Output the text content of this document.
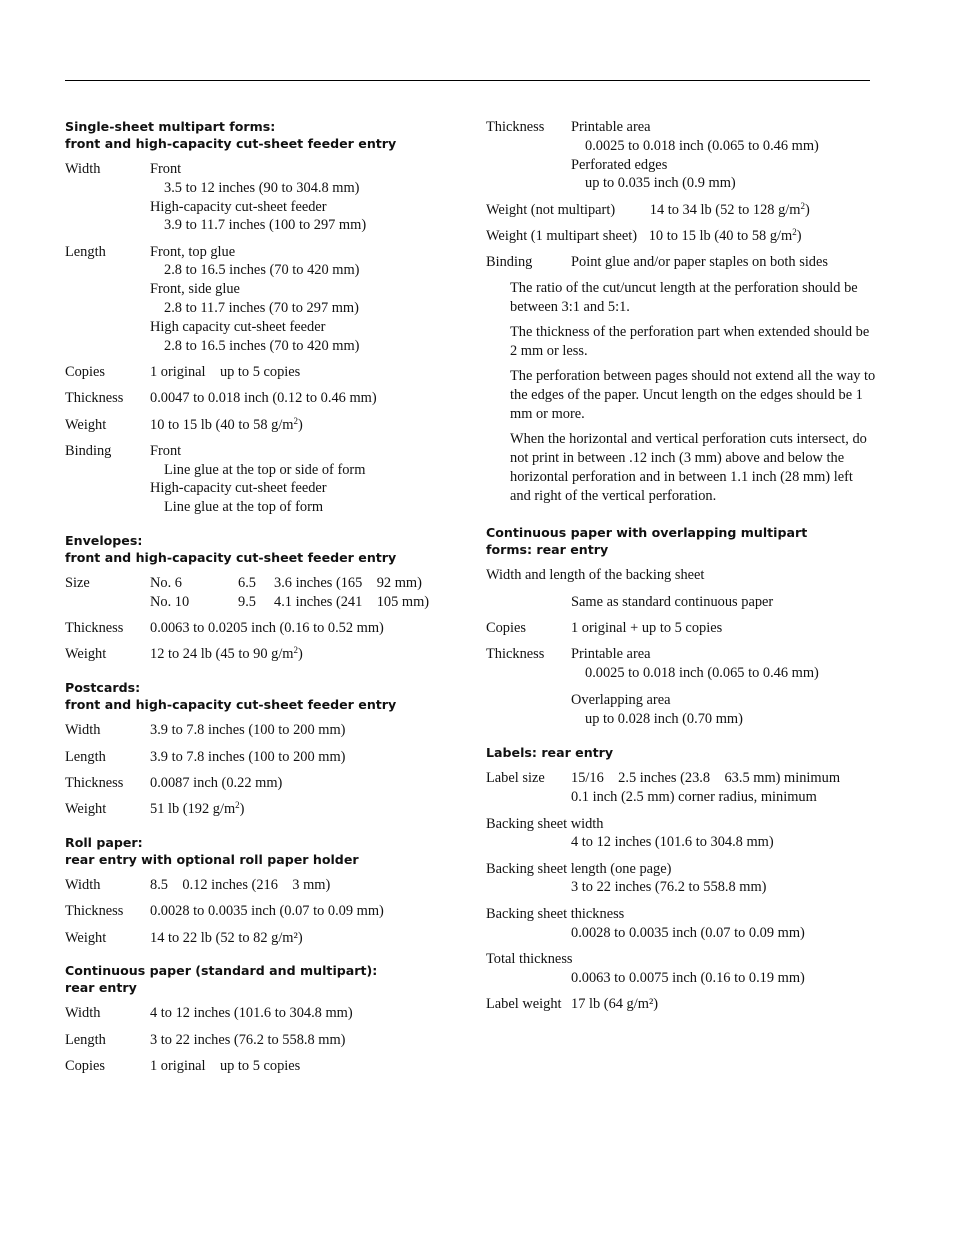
Single-sheet multipart forms:
front and high-capacity cut-sheet feeder entry
Width	Front
3.5 to 12 inches (90 to 304.8 mm)
High-capacity cut-sheet feeder
3.9 to 11.7 inches (100 to 297 mm)
Length	Front, top glue
2.8 to 16.5 inches (70 to 420 mm)
Front, side glue
2.8 to 11.7 inches (70 to 297 mm)
High capacity cut-sheet feeder
2.8 to 16.5 inches (70 to 420 mm)
Copies	1 original    up to 5 copies
Thickness 0.0047 to 0.018 inch (0.12 to 0.46 mm)
Weight	10 to 15 lb (40 to 58 $g/m^2$)
Binding	Front
Line glue at the top or side of form
High-capacity cut-sheet feeder
Line glue at the top of form
Envelopes:
front and high-capacity cut-sheet feeder entry
Size	No. 6	6.5	3.6 inches (165    92 mm)
No. 10	9.5	4.1 inches (241    105 mm)
Thickness 0.0063 to 0.0205 inch (0.16 to 0.52 mm)
Weight	12 to 24 lb (45 to 90 $g/m^2$)
Postcards:
front and high-capacity cut-sheet feeder entry
Width	3.9 to 7.8 inches (100 to 200 mm)
Length	3.9 to 7.8 inches (100 to 200 mm)
Thickness 0.0087 inch (0.22 mm)
Weight	51 lb (192 $g/m^2$)
Roll paper:
rear entry with optional roll paper holder
Width	8.5    0.12 inches (216    3 mm)
Thickness 0.0028 to 0.0035 inch (0.07 to 0.09 mm)
Weight	14 to 22 lb (52 to 82 g/m²)
Continuous paper (standard and multipart):
rear entry
Width	4 to 12 inches (101.6 to 304.8 mm)
Length	3 to 22 inches (76.2 to 558.8 mm)
Copies	1 original    up to 5 copies
Thickness Printable area
0.0025 to 0.018 inch (0.065 to 0.46 mm)
Perforated edges
up to 0.035 inch (0.9 mm)
Weight (not multipart) 14 to 34 lb (52 to 128 $g/m^2$)
Weight (1 multipart sheet) 10 to 15 lb (40 to 58 $g/m^2$)
Binding	Point glue and/or paper staples on both sides

The ratio of the cut/uncut length at the perforation should be between 3:1 and 5:1.

The thickness of the perforation part when extended should be 2 mm or less.

The perforation between pages should not extend all the way to the edges of the paper. Uncut length on the edges should be 1 mm or more.

When the horizontal and vertical perforation cuts intersect, do not print in between .12 inch (3 mm) above and below the horizontal perforation and in between 1.1 inch (28 mm) left and right of the vertical perforation.

Continuous paper with overlapping multipart
forms: rear entry
Width and length of the backing sheet
Same as standard continuous paper
Copies	1 original + up to 5 copies
Thickness Printable area
0.0025 to 0.018 inch (0.065 to 0.46 mm)
Overlapping area
up to 0.028 inch (0.70 mm)
Labels: rear entry
Label size 15/16    2.5 inches (23.8    63.5 mm) minimum
0.1 inch (2.5 mm) corner radius, minimum
Backing sheet width
4 to 12 inches (101.6 to 304.8 mm)
Backing sheet length (one page)
3 to 22 inches (76.2 to 558.8 mm)
Backing sheet thickness
0.0028 to 0.0035 inch (0.07 to 0.09 mm)
Total thickness
0.0063 to 0.0075 inch (0.16 to 0.19 mm)
Label weight 17 lb (64 g/m²)
